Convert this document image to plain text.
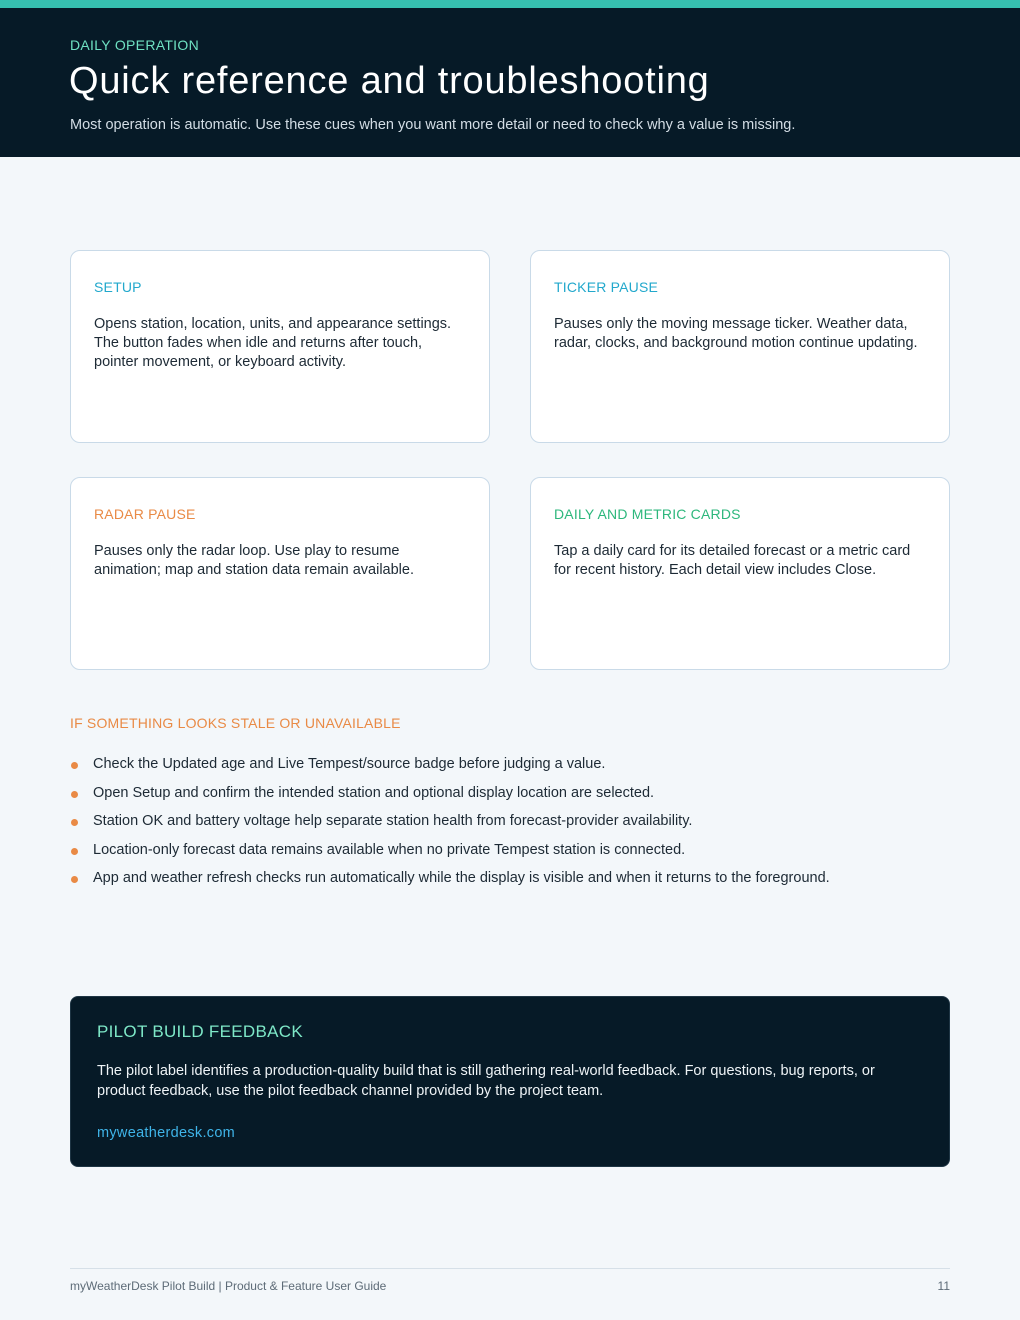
DAILY OPERATION
Quick reference and troubleshooting

Most operation is automatic. Use these cues when you want more detail or need to check why a value is missing.

SETUP

Opens station, location, units, and appearance settings. The button fades when idle and returns after touch, pointer movement, or keyboard activity.

TICKER PAUSE

Pauses only the moving message ticker. Weather data, radar, clocks, and background motion continue updating.

RADAR PAUSE

Pauses only the radar loop. Use play to resume animation; map and station data remain available.

DAILY AND METRIC CARDS

Tap a daily card for its detailed forecast or a metric card for recent history. Each detail view includes Close.

IF SOMETHING LOOKS STALE OR UNAVAILABLE
Check the Updated age and Live Tempest/source badge before judging a value.
Open Setup and confirm the intended station and optional display location are selected.
Station OK and battery voltage help separate station health from forecast-provider availability.
Location-only forecast data remains available when no private Tempest station is connected.
App and weather refresh checks run automatically while the display is visible and when it returns to the foreground.
PILOT BUILD FEEDBACK

The pilot label identifies a production-quality build that is still gathering real-world feedback. For questions, bug reports, or product feedback, use the pilot feedback channel provided by the project team.

myweatherdesk.com
myWeatherDesk Pilot Build | Product & Feature User Guide	11
